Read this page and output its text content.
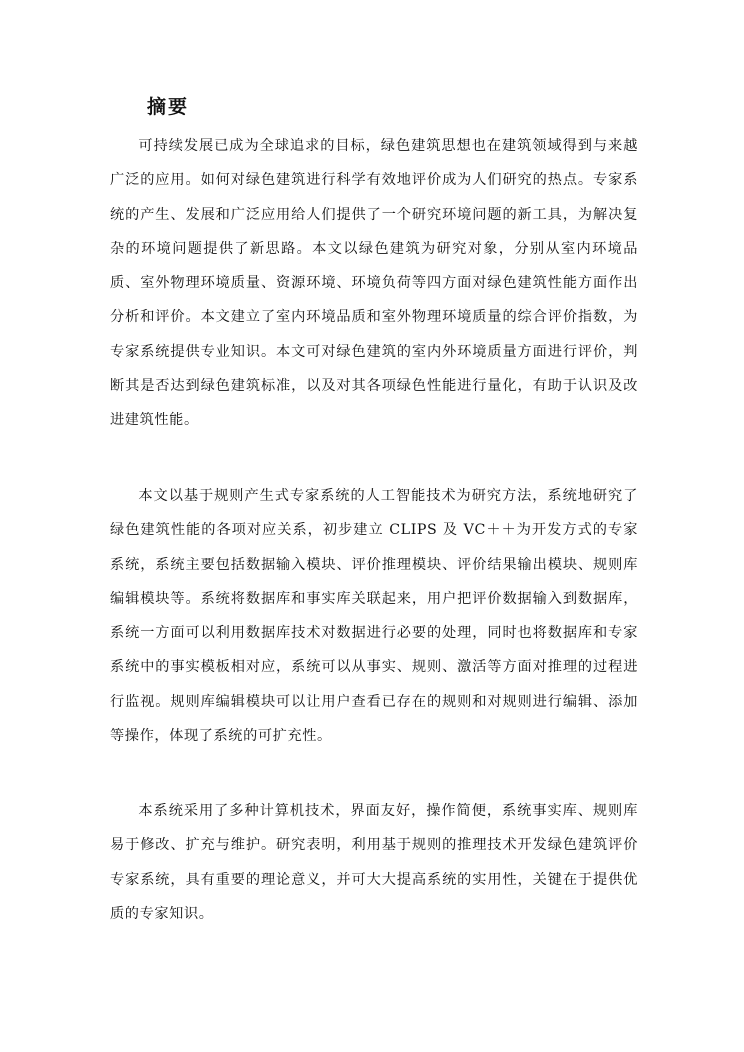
摘要

可持续发展已成为全球追求的目标，绿色建筑思想也在建筑领域得到与来越广泛的应用。如何对绿色建筑进行科学有效地评价成为人们研究的热点。专家系统的产生、发展和广泛应用给人们提供了一个研究环境问题的新工具，为解决复杂的环境问题提供了新思路。本文以绿色建筑为研究对象，分别从室内环境品质、室外物理环境质量、资源环境、环境负荷等四方面对绿色建筑性能方面作出分析和评价。本文建立了室内环境品质和室外物理环境质量的综合评价指数，为专家系统提供专业知识。本文可对绿色建筑的室内外环境质量方面进行评价，判断其是否达到绿色建筑标准，以及对其各项绿色性能进行量化，有助于认识及改进建筑性能。

本文以基于规则产生式专家系统的人工智能技术为研究方法，系统地研究了绿色建筑性能的各项对应关系，初步建立 CLIPS 及 VC＋＋为开发方式的专家系统，系统主要包括数据输入模块、评价推理模块、评价结果输出模块、规则库编辑模块等。系统将数据库和事实库关联起来，用户把评价数据输入到数据库，系统一方面可以利用数据库技术对数据进行必要的处理，同时也将数据库和专家系统中的事实模板相对应，系统可以从事实、规则、激活等方面对推理的过程进行监视。规则库编辑模块可以让用户查看已存在的规则和对规则进行编辑、添加等操作，体现了系统的可扩充性。

本系统采用了多种计算机技术，界面友好，操作简便，系统事实库、规则库易于修改、扩充与维护。研究表明，利用基于规则的推理技术开发绿色建筑评价专家系统，具有重要的理论意义，并可大大提高系统的实用性，关键在于提供优质的专家知识。
